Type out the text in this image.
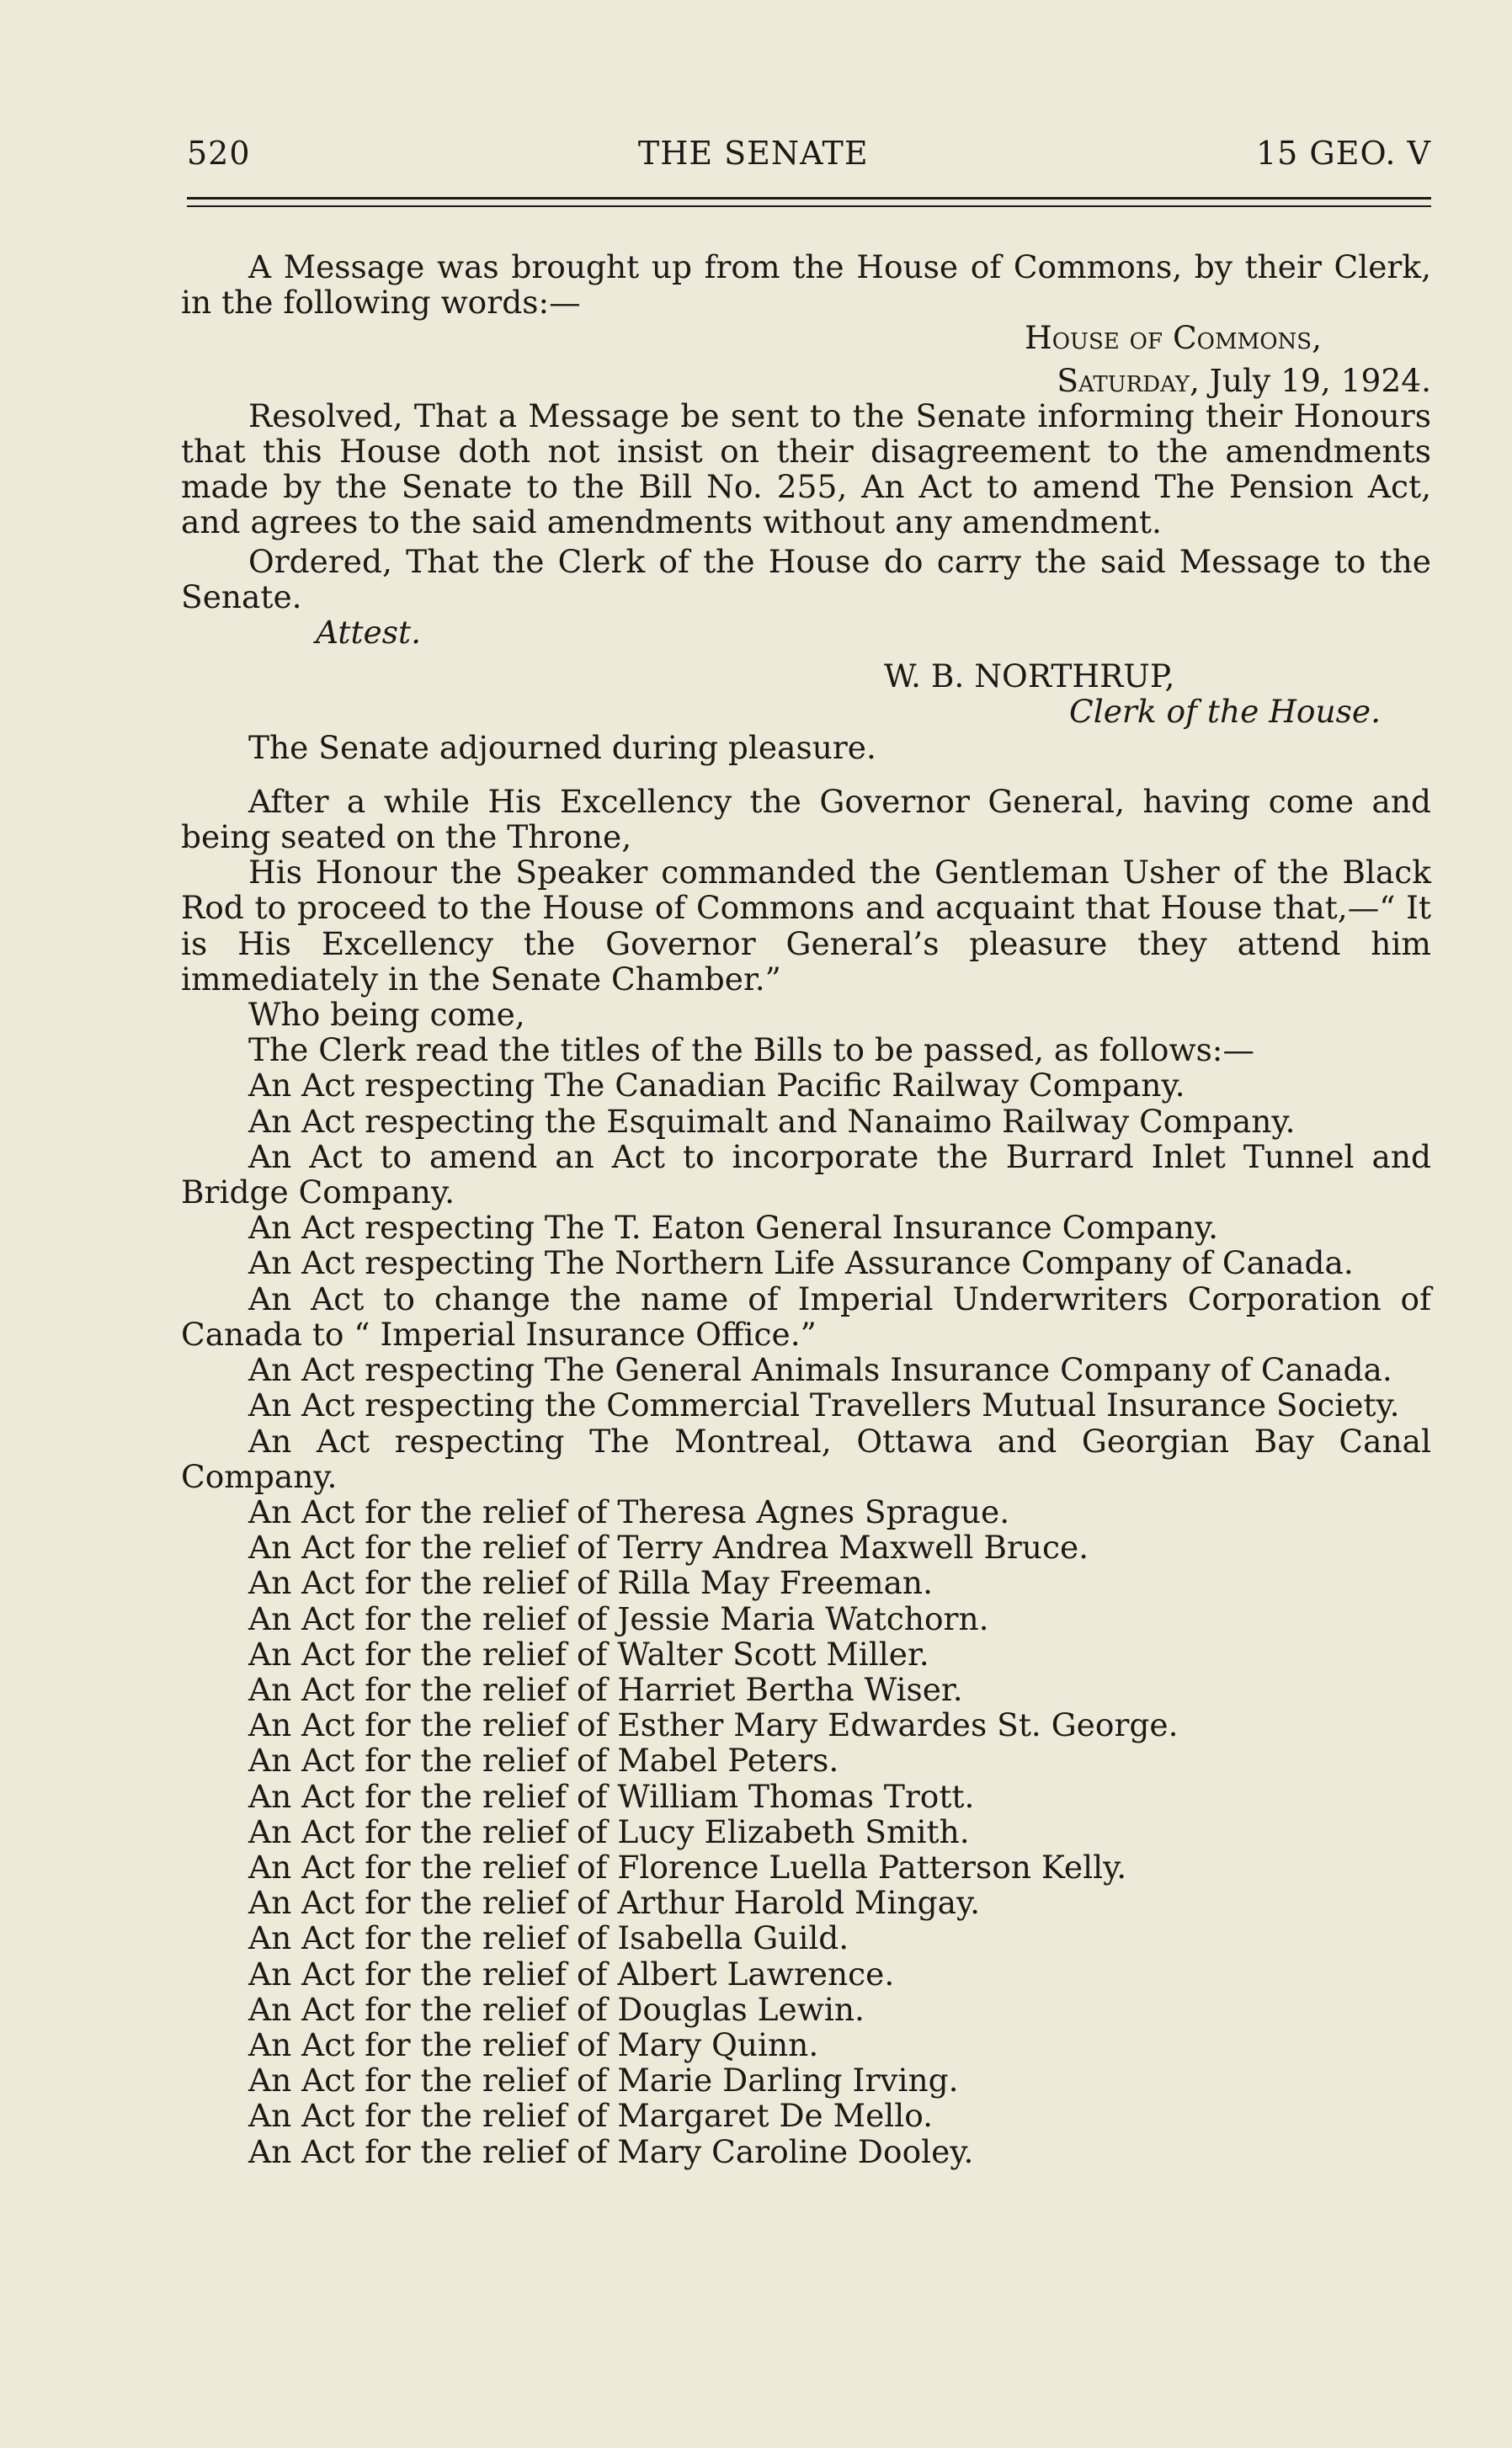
520	THE SENATE	15 GEO. V

A Message was brought up from the House of Commons, by their Clerk, in the following words:—

House of Commons,

Saturday, July 19, 1924.

Resolved, That a Message be sent to the Senate informing their Honours that this House doth not insist on their disagreement to the amendments made by the Senate to the Bill No. 255, An Act to amend The Pension Act, and agrees to the said amendments without any amendment.

Ordered, That the Clerk of the House do carry the said Message to the Senate.

Attest.

W. B. NORTHRUP,

Clerk of the House.

The Senate adjourned during pleasure.

After a while His Excellency the Governor General, having come and being seated on the Throne,

His Honour the Speaker commanded the Gentleman Usher of the Black Rod to proceed to the House of Commons and acquaint that House that,—“ It is His Excellency the Governor General’s pleasure they attend him immediately in the Senate Chamber.”

Who being come,

The Clerk read the titles of the Bills to be passed, as follows:—

An Act respecting The Canadian Pacific Railway Company.

An Act respecting the Esquimalt and Nanaimo Railway Company.

An Act to amend an Act to incorporate the Burrard Inlet Tunnel and Bridge Company.

An Act respecting The T. Eaton General Insurance Company.

An Act respecting The Northern Life Assurance Company of Canada.

An Act to change the name of Imperial Underwriters Corporation of Canada to “ Imperial Insurance Office.”

An Act respecting The General Animals Insurance Company of Canada.

An Act respecting the Commercial Travellers Mutual Insurance Society.

An Act respecting The Montreal, Ottawa and Georgian Bay Canal Company.

An Act for the relief of Theresa Agnes Sprague.

An Act for the relief of Terry Andrea Maxwell Bruce.

An Act for the relief of Rilla May Freeman.

An Act for the relief of Jessie Maria Watchorn.

An Act for the relief of Walter Scott Miller.

An Act for the relief of Harriet Bertha Wiser.

An Act for the relief of Esther Mary Edwardes St. George.

An Act for the relief of Mabel Peters.

An Act for the relief of William Thomas Trott.

An Act for the relief of Lucy Elizabeth Smith.

An Act for the relief of Florence Luella Patterson Kelly.

An Act for the relief of Arthur Harold Mingay.

An Act for the relief of Isabella Guild.

An Act for the relief of Albert Lawrence.

An Act for the relief of Douglas Lewin.

An Act for the relief of Mary Quinn.

An Act for the relief of Marie Darling Irving.

An Act for the relief of Margaret De Mello.

An Act for the relief of Mary Caroline Dooley.
